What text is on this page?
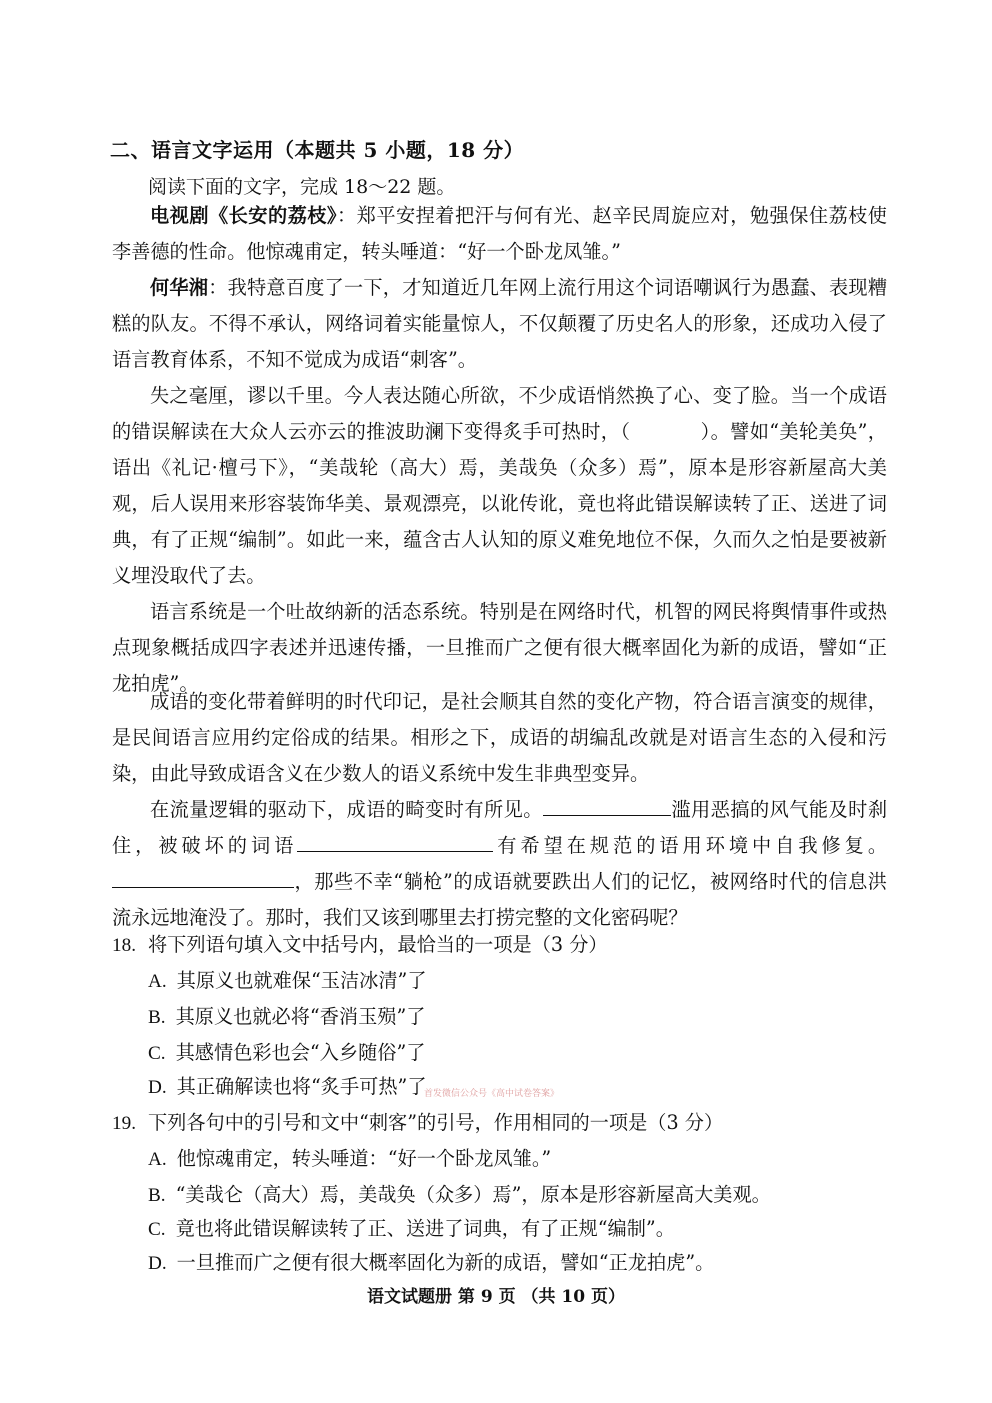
二、语言文字运用（本题共 5 小题，18 分）
阅读下面的文字，完成 18～22 题。

电视剧《长安的荔枝》：郑平安捏着把汗与何有光、赵辛民周旋应对，勉强保住荔枝使李善德的性命。他惊魂甫定，转头唾道：“好一个卧龙凤雏。”

何华湘：我特意百度了一下，才知道近几年网上流行用这个词语嘲讽行为愚蠢、表现糟糕的队友。不得不承认，网络词着实能量惊人，不仅颠覆了历史名人的形象，还成功入侵了语言教育体系，不知不觉成为成语“刺客”。

失之毫厘，谬以千里。今人表达随心所欲，不少成语悄然换了心、变了脸。当一个成语的错误解读在大众人云亦云的推波助澜下变得炙手可热时，（	）。譬如“美轮美奂”，语出《礼记·檀弓下》，“美哉轮（高大）焉，美哉奂（众多）焉”，原本是形容新屋高大美观，后人误用来形容装饰华美、景观漂亮，以讹传讹，竟也将此错误解读转了正、送进了词典，有了正规“编制”。如此一来，蕴含古人认知的原义难免地位不保，久而久之怕是要被新义埋没取代了去。

语言系统是一个吐故纳新的活态系统。特别是在网络时代，机智的网民将舆情事件或热点现象概括成四字表述并迅速传播，一旦推而广之便有很大概率固化为新的成语，譬如“正龙拍虎”。

成语的变化带着鲜明的时代印记，是社会顺其自然的变化产物，符合语言演变的规律，是民间语言应用约定俗成的结果。相形之下，成语的胡编乱改就是对语言生态的入侵和污染，由此导致成语含义在少数人的语义系统中发生非典型变异。

在流量逻辑的驱动下，成语的畸变时有所见。	滥用恶搞的风气能及时刹住，被破坏的词语	有希望在规范的语用环境中自我修复。，那些不幸“躺枪”的成语就要跌出人们的记忆，被网络时代的信息洪流永远地淹没了。那时，我们又该到哪里去打捞完整的文化密码呢？

18. 将下列语句填入文中括号内，最恰当的一项是（3 分）
A. 其原义也就难保“玉洁冰清”了
B. 其原义也就必将“香消玉殒”了
C. 其感情色彩也会“入乡随俗”了
D. 其正确解读也将“炙手可热”了
首发微信公众号《高中试卷答案》
19. 下列各句中的引号和文中“刺客”的引号，作用相同的一项是（3 分）
A. 他惊魂甫定，转头唾道：“好一个卧龙凤雏。”
B. “美哉仑（高大）焉，美哉奂（众多）焉”，原本是形容新屋高大美观。
C. 竟也将此错误解读转了正、送进了词典，有了正规“编制”。
D. 一旦推而广之便有很大概率固化为新的成语，譬如“正龙拍虎”。
语文试题册 第 9 页 （共 10 页）
